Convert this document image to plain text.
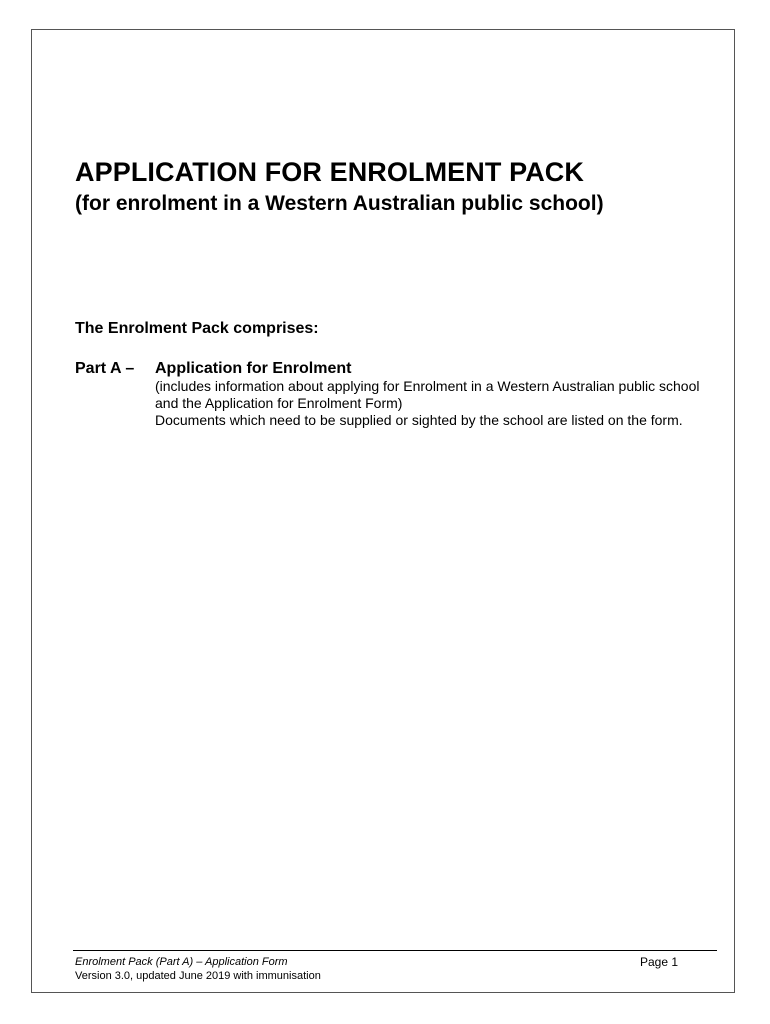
APPLICATION FOR ENROLMENT PACK
(for enrolment in a Western Australian public school)
The Enrolment Pack comprises:
Part A – Application for Enrolment

(includes information about applying for Enrolment in a Western Australian public school and the Application for Enrolment Form)

Documents which need to be supplied or sighted by the school are listed on the form.

Enrolment Pack (Part A) – Application Form
Version 3.0, updated June 2019 with immunisation
Page 1
